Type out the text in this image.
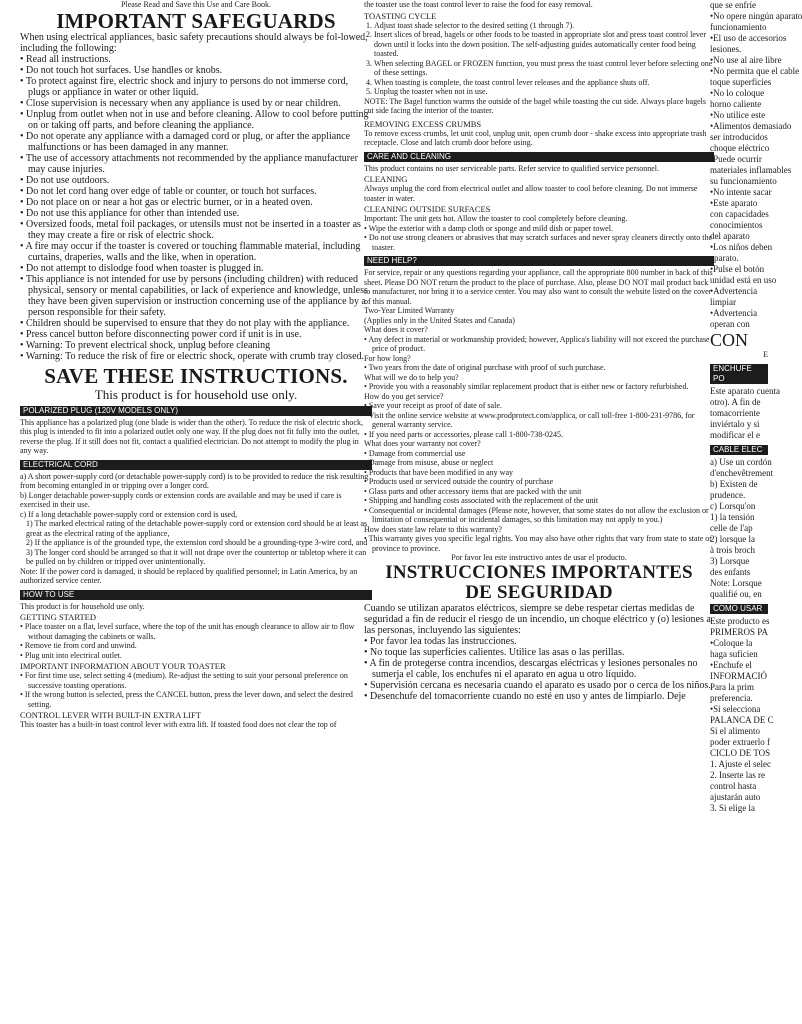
Please Read and Save this Use and Care Book.

IMPORTANT SAFEGUARDS

When using electrical appliances, basic safety precautions should always be fol-lowed, including the following:

• Read all instructions.
• Do not touch hot surfaces. Use handles or knobs.
• To protect against fire, electric shock and injury to persons do not immerse cord, plugs or appliance in water or other liquid.
• Close supervision is necessary when any appliance is used by or near children.
• Unplug from outlet when not in use and before cleaning. Allow to cool before putting on or taking off parts, and before cleaning the appliance.
• Do not operate any appliance with a damaged cord or plug, or after the appliance malfunctions or has been damaged in any manner.
• The use of accessory attachments not recommended by the appliance manufacturer may cause injuries.
• Do not use outdoors.
• Do not let cord hang over edge of table or counter, or touch hot surfaces.
• Do not place on or near a hot gas or electric burner, or in a heated oven.
• Do not use this appliance for other than intended use.
• Oversized foods, metal foil packages, or utensils must not be inserted in a toaster as they may create a fire or risk of electric shock.
• A fire may occur if the toaster is covered or touching flammable material, including curtains, draperies, walls and the like, when in operation.
• Do not attempt to dislodge food when toaster is plugged in.
• This appliance is not intended for use by persons (including children) with reduced physical, sensory or mental capabilities, or lack of experience and knowledge, unless they have been given supervision or instruction concerning use of the appliance by a person responsible for their safety.
• Children should be supervised to ensure that they do not play with the appliance.
• Press cancel button before disconnecting power cord if unit is in use.
• Warning: To prevent electrical shock, unplug before cleaning
• Warning: To reduce the risk of fire or electric shock, operate with crumb tray closed.
SAVE THESE INSTRUCTIONS.

This product is for household use only.

POLARIZED PLUG (120V MODELS ONLY)

This appliance has a polarized plug (one blade is wider than the other). To reduce the risk of electric shock, this plug is intended to fit into a polarized outlet only one way. If the plug does not fit fully into the outlet, reverse the plug. If it still does not fit, contact a qualified electrician. Do not attempt to modify the plug in any way.

ELECTRICAL CORD

a) A short power-supply cord (or detachable power-supply cord) is to be provided to reduce the risk resulting from becoming entangled in or tripping over a longer cord.

b) Longer detachable power-supply cords or extension cords are available and may be used if care is exercised in their use.

c) If a long detachable power-supply cord or extension cord is used,

1) The marked electrical rating of the detachable power-supply cord or extension cord should be at least as great as the electrical rating of the appliance,

2) If the appliance is of the grounded type, the extension cord should be a grounding-type 3-wire cord, and

3) The longer cord should be arranged so that it will not drape over the countertop or tabletop where it can be pulled on by children or tripped over unintentionally.

Note: If the power cord is damaged, it should be replaced by qualified personnel; in Latin America, by an authorized service center.

HOW TO USE

This product is for household use only.

GETTING STARTED

• Place toaster on a flat, level surface, where the top of the unit has enough clearance to allow air to flow without damaging the cabinets or walls.
• Remove tie from cord and unwind.
• Plug unit into electrical outlet.

IMPORTANT INFORMATION ABOUT YOUR TOASTER

• For first time use, select setting 4 (medium). Re-adjust the setting to suit your personal preference on successive toasting operations.
• If the wrong button is selected, press the CANCEL button, press the lever down, and select the desired setting.

CONTROL LEVER WITH BUILT-IN EXTRA LIFT

This toaster has a built-in toast control lever with extra lift. If toasted food does not clear the top of

the toaster use the toast control lever to raise the food for easy removal.

TOASTING CYCLE

1. Adjust toast shade selector to the desired setting (1 through 7).
2. Insert slices of bread, bagels or other foods to be toasted in appropriate slot and press toast control lever down until it locks into the down position. The self-adjusting guides automatically center food being toasted.
3. When selecting BAGEL or FROZEN function, you must press the toast control lever before selecting one of these settings.
4. When toasting is complete, the toast control lever releases and the appliance shuts off.
5. Unplug the toaster when not in use.

NOTE: The Bagel function warms the outside of the bagel while toasting the cut side. Always place bagels cut side facing the interior of the toaster.

REMOVING EXCESS CRUMBS

To remove excess crumbs, let unit cool, unplug unit, open crumb door - shake excess into appropriate trash receptacle. Close and latch crumb door before using.

CARE AND CLEANING

This product contains no user serviceable parts. Refer service to qualified service personnel.

CLEANING

Always unplug the cord from electrical outlet and allow toaster to cool before cleaning. Do not immerse toaster in water.

CLEANING OUTSIDE SURFACES

Important: The unit gets hot. Allow the toaster to cool completely before cleaning.

• Wipe the exterior with a damp cloth or sponge and mild dish or paper towel.
• Do not use strong cleaners or abrasives that may scratch surfaces and never spray cleaners directly onto the toaster.
NEED HELP?

For service, repair or any questions regarding your appliance, call the appropriate 800 number in back of this sheet. Please DO NOT return the product to the place of purchase. Also, please DO NOT mail product back to manufacturer, nor bring it to a service center. You may also want to consult the website listed on the cover of this manual.

Two-Year Limited Warranty

(Applies only in the United States and Canada)

What does it cover?

• Any defect in material or workmanship provided; however, Applica's liability will not exceed the purchase price of product.

For how long?

• Two years from the date of original purchase with proof of such purchase.

What will we do to help you?

• Provide you with a reasonably similar replacement product that is either new or factory refurbished.

How do you get service?

• Save your receipt as proof of date of sale.
• Visit the online service website at www.prodprotect.com/applica, or call toll-free 1-800-231-9786, for general warranty service.
• If you need parts or accessories, please call 1-800-738-0245.

What does your warranty not cover?

• Damage from commercial use
• Damage from misuse, abuse or neglect
• Products that have been modified in any way
• Products used or serviced outside the country of purchase
• Glass parts and other accessory items that are packed with the unit
• Shipping and handling costs associated with the replacement of the unit
• Consequential or incidental damages (Please note, however, that some states do not allow the exclusion or limitation of consequential or incidental damages, so this limitation may not apply to you.)

How does state law relate to this warranty?

• This warranty gives you specific legal rights. You may also have other rights that vary from state to state or province to province.

Por favor lea este instructivo antes de usar el producto.

INSTRUCCIONES IMPORTANTES
DE SEGURIDAD

Cuando se utilizan aparatos eléctricos, siempre se debe respetar ciertas medidas de seguridad a fin de reducir el riesgo de un incendio, un choque eléctrico y (o) lesiones a las personas, incluyendo las siguientes:

• Por favor lea todas las instrucciones.
• No toque las superficies calientes. Utilice las asas o las perillas.
• A fin de protegerse contra incendios, descargas eléctricas y lesiones personales no sumerja el cable, los enchufes ni el aparato en agua u otro líquido.
• Supervisión cercana es necesaria cuando el aparato es usado por o cerca de los niños.
• Desenchufe del tomacorriente cuando no esté en uso y antes de limpiarlo. Deje
que se enfríe
•No opere ningún aparato
funcionamiento
•El uso de accesorios
lesiones.
•No use al aire libre
•No permita que el cable
toque superficies
•No lo coloque
horno caliente
•No utilice este
•Alimentos demasiado
ser introducidos
choque eléctrico
•Puede ocurrir
materiales inflamables
su funcionamiento
•No intente sacar
•Este aparato
con capacidades
conocimientos
del aparato
•Los niños deben
aparato.
•Pulse el botón
unidad está en uso
•Advertencia
limpiar
•Advertencia
operan con
CON
E
ENCHUFE PO
Este aparato cuenta
otro). A fin de
tomacorriente
inviértalo y si
modificar el e
CABLE ELEC
a) Use un cordón
d'enchevêtrement
b) Existen de
prudence.
c) Lorsqu'on
1) la tensión
celle de l'ap
2) lorsque la
à trois broch
3) Lorsque
des enfants
Note: Lorsque
qualifié ou, en
COMO USAR
Este producto es
PRIMEROS PA
•Coloque la
haga suficien
•Enchufe el
INFORMACIÓ
Para la prim
preferencia.
•Si selecciona
PALANCA DE C
Si el alimento
poder extraerlo f
CICLO DE TOS
1. Ajuste el selec
2. Inserte las re
control hasta
ajustarán auto
3. Si elige la
